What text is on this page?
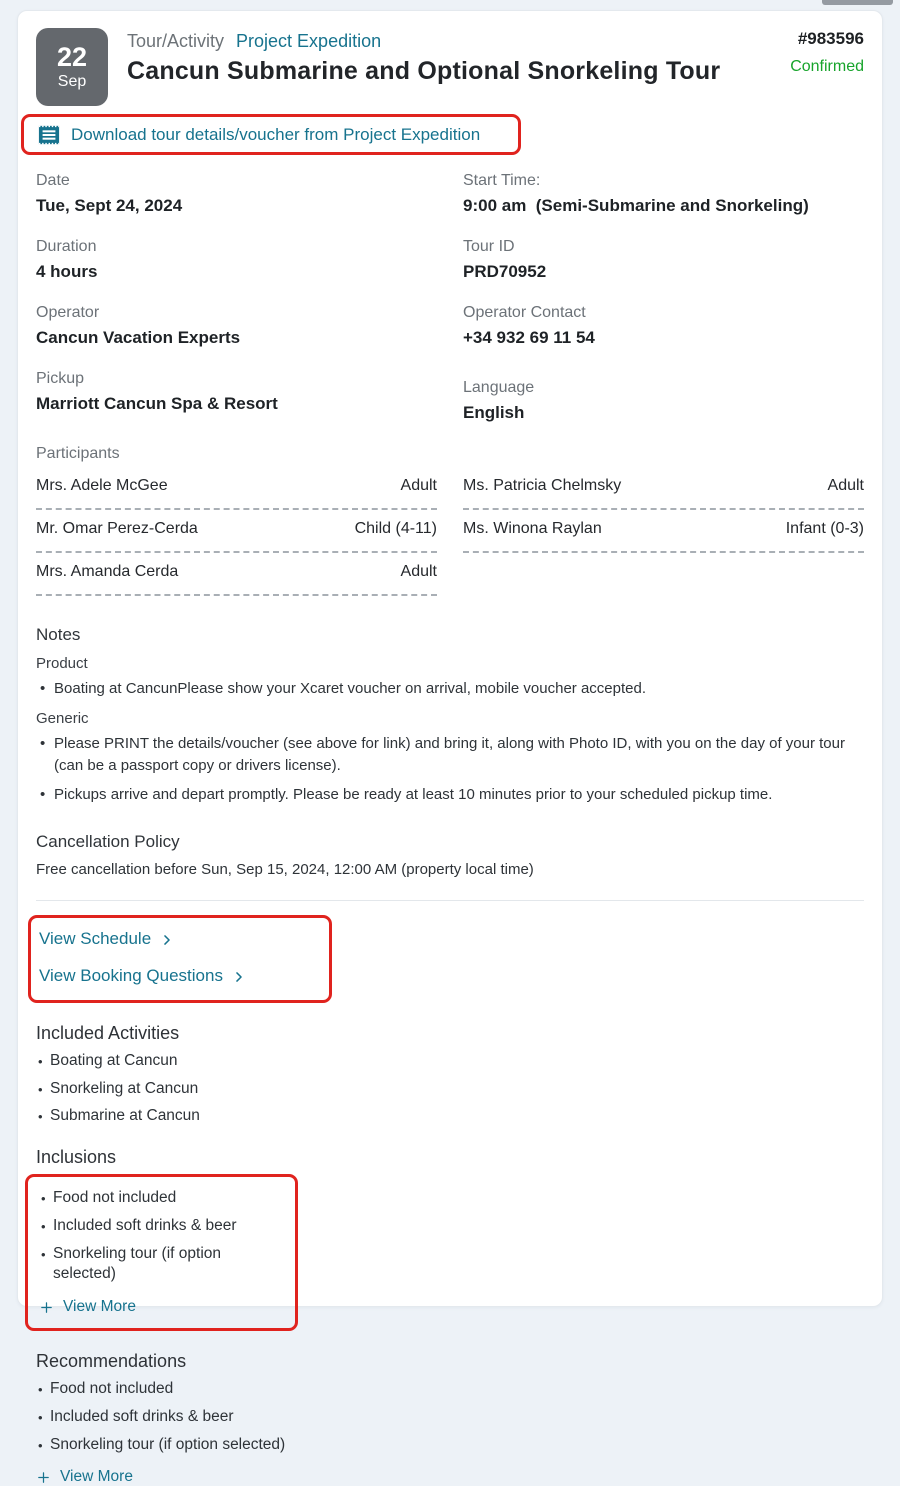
22
Sep
Tour/Activity Project Expedition
Cancun Submarine and Optional Snorkeling Tour
#983596
Confirmed
Download tour details/voucher from Project Expedition
Date
Tue, Sept 24, 2024
Start Time:
9:00 am  (Semi-Submarine and Snorkeling)
Duration
4 hours
Tour ID
PRD70952
Operator
Cancun Vacation Experts
Operator Contact
+34 932 69 11 54
Pickup
Marriott Cancun Spa & Resort
Language
English
Participants
Mrs. Adele McGee	Adult Ms. Patricia Chelmsky	Adult
Mr. Omar Perez-Cerda	Child (4-11) Ms. Winona Raylan	Infant (0-3)
Mrs. Amanda Cerda	Adult
Notes
Product
• Boating at CancunPlease show your Xcaret voucher on arrival, mobile voucher accepted.
Generic
• Please PRINT the details/voucher (see above for link) and bring it, along with Photo ID, with you on the day of your tour (can be a passport copy or drivers license).
• Pickups arrive and depart promptly. Please be ready at least 10 minutes prior to your scheduled pickup time.
Cancellation Policy
Free cancellation before Sun, Sep 15, 2024, 12:00 AM (property local time)
View Schedule
View Booking Questions
Included Activities
• Boating at Cancun
• Snorkeling at Cancun
• Submarine at Cancun
Inclusions
• Food not included
• Included soft drinks & beer
• Snorkeling tour (if option selected)
View More
Recommendations
• Food not included
• Included soft drinks & beer
• Snorkeling tour (if option selected)
View More
